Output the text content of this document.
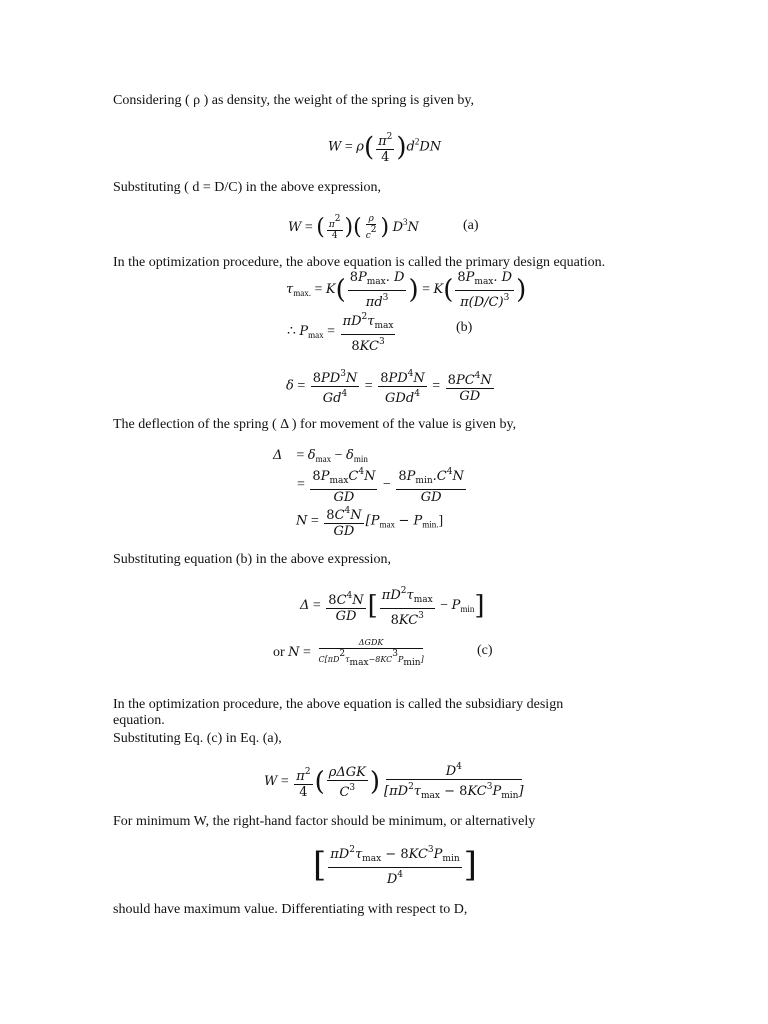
Considering ( ρ ) as density, the weight of the spring is given by,
$W = \rho( \frac{\pi^2}{4} )d^2DN$
Substituting ( d = D/C) in the above expression,
W = ( $\frac{\pi 2}{4}$ )( $\frac{\rho}{c2}$ ) $D^3N$	(a)
In the optimization procedure, the above equation is called the primary design equation.
$\tau_{max.} = K( \frac{8P_{max}. D}{\pi d^3}$ ) = $K( \frac{8P_{max}. D}{\pi(D/C)^3}$ )
∴ $P_{max} = \frac{\pi D^2\tau_{max}}{8KC^3}$	(b)
$\delta = \frac{8PD^3N}{Gd^4} = \frac{8PD^4N}{GDd^4} = \frac{8PC^4N}{GD}$
The deflection of the spring ( Δ ) for movement of the value is given by,
Δ    = $\delta_{max} - \delta_{min}$
= $\frac{8P_{max}C^4N}{GD} - \frac{8P_{min}.C^4N}{GD}$
$N = \frac{8C^4N}{GD} [P_{max} - P_{min.}]$
Substituting equation (b) in the above expression,
$\Delta = \frac{8C^4N}{GD}$ [ $\frac{\pi D^2\tau_{max}}{8KC^3} - P_{min}$]
or $N = \frac{\text{ΔGDK}}{C[\pi D2\tau\max-8KC3Pmin]}$	(c)
In the optimization procedure, the above equation is called the subsidiary design
equation.
Substituting Eq. (c) in Eq. (a),
$W = \frac{\pi^2}{4}$ ( $\frac{\text{ρΔGK}}{C^3}$ ) $\frac{D^4}{[\pi D^2\tau_{max} - 8KC^3P_{min}]}$
For minimum W, the right-hand factor should be minimum, or alternatively
[ $\frac{\pi D^2\tau_{max} - 8KC^3P_{min}}{D^4}$ ]
should have maximum value. Differentiating with respect to D,
